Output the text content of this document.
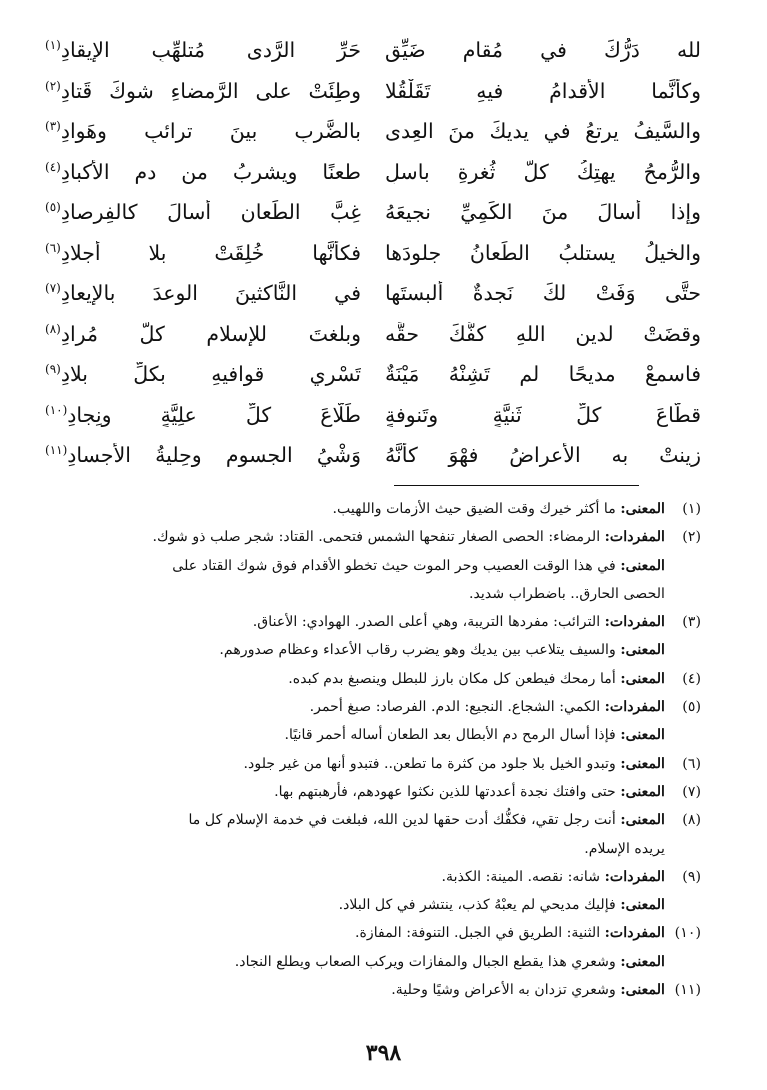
لله دَرُّكَ في مُقامٍ ضَيِّقٍ
حَرِّ الرَّدى مُتلهِّبِ الإيقادِ$^{(١)}$
وكأنَّما الأقدامُ فيهِ تَقَلْقُلا
وطِئَتْ على الرَّمضاءِ شوكَ قَتادِ$^{(٢)}$
والسَّيفُ يرتعُ في يديكَ منَ العِدى
بالضَّربِ بينَ ترائبٍ وهَوادِ$^{(٣)}$
والرُّمحُ يهتِكُ كلَّ ثُغرةِ باسلٍ
طعنًا ويشربُ من دمِ الأكبادِ$^{(٤)}$
وإذا أسالَ منَ الكَمِيِّ نجيعَهُ
غِبَّ الطِّعانِ أسالَ كالفِرصادِ$^{(٥)}$
والخيلُ يستلبُ الطِّعانُ جلودَها
فكأنَّها خُلِقَتْ بلا أجلادِ$^{(٦)}$
حتَّى وَفَتْ لكَ نَجدةٌ ألبستَها
في النَّاكثينَ الوعدَ بالإيعادِ$^{(٧)}$
وقضَتْ لدينِ اللهِ كفُّكَ حقَّه
وبلغتَ للإسلامِ كلَّ مُرادِ$^{(٨)}$
فاسمعْ مديحًا لم تَشِنْهُ مَيْنَةٌ
تَسْري قوافيهِ بكلِّ بلادِ$^{(٩)}$
قطّاعَ كلِّ ثَنيَّةٍ وتَنوفةٍ
طَلّاعَ كلِّ علِيَّةٍ ونِجادِ$^{(١٠)}$
زِينتْ به الأعراضُ فهْوَ كأنَّهُ
وَشْيُ الجسومِ وحِليةُ الأجسادِ$^{(١١)}$
(١)
المعنى: ما أكثر خيرك وقت الضيق حيث الأزمات واللهيب.
(٢)
المفردات: الرمضاء: الحصى الصغار تنفحها الشمس فتحمى. القتاد: شجر صلب ذو شوك.
المعنى: في هذا الوقت العصيب وحر الموت حيث تخطو الأقدام فوق شوك القتاد على
الحصى الحارق.. باضطراب شديد.
(٣)
المفردات: الترائب: مفردها التريبة، وهي أعلى الصدر. الهوادي: الأعناق.
المعنى: والسيف يتلاعب بين يديك وهو يضرب رقاب الأعداء وعظام صدورهم.
(٤)
المعنى: أما رمحك فيطعن كل مكان بارز للبطل وينصبغ بدم كبده.
(٥)
المفردات: الكمي: الشجاع. النجيع: الدم. الفرصاد: صبغ أحمر.
المعنى: فإذا أسال الرمح دم الأبطال بعد الطعان أساله أحمر قانيًا.
(٦)
المعنى: وتبدو الخيل بلا جلود من كثرة ما تطعن.. فتبدو أنها من غير جلود.
(٧)
المعنى: حتى وافتك نجدة أعددتها للذين نكثوا عهودهم، فأرهبتهم بها.
(٨)
المعنى: أنت رجل تقي، فكفُّك أدت حقها لدين الله، فبلغت في خدمة الإسلام كل ما
يريده الإسلام.
(٩)
المفردات: شانه: نقصه. المينة: الكذبة.
المعنى: فإليك مديحي لم يعبْهُ كذب، ينتشر في كل البلاد.
(١٠)
المفردات: الثنية: الطريق في الجبل. التنوفة: المفازة.
المعنى: وشعري هذا يقطع الجبال والمفازات ويركب الصعاب ويطلع النجاد.
(١١)
المعنى: وشعري تزدان به الأعراض وشيًا وحلية.
٣٩٨
